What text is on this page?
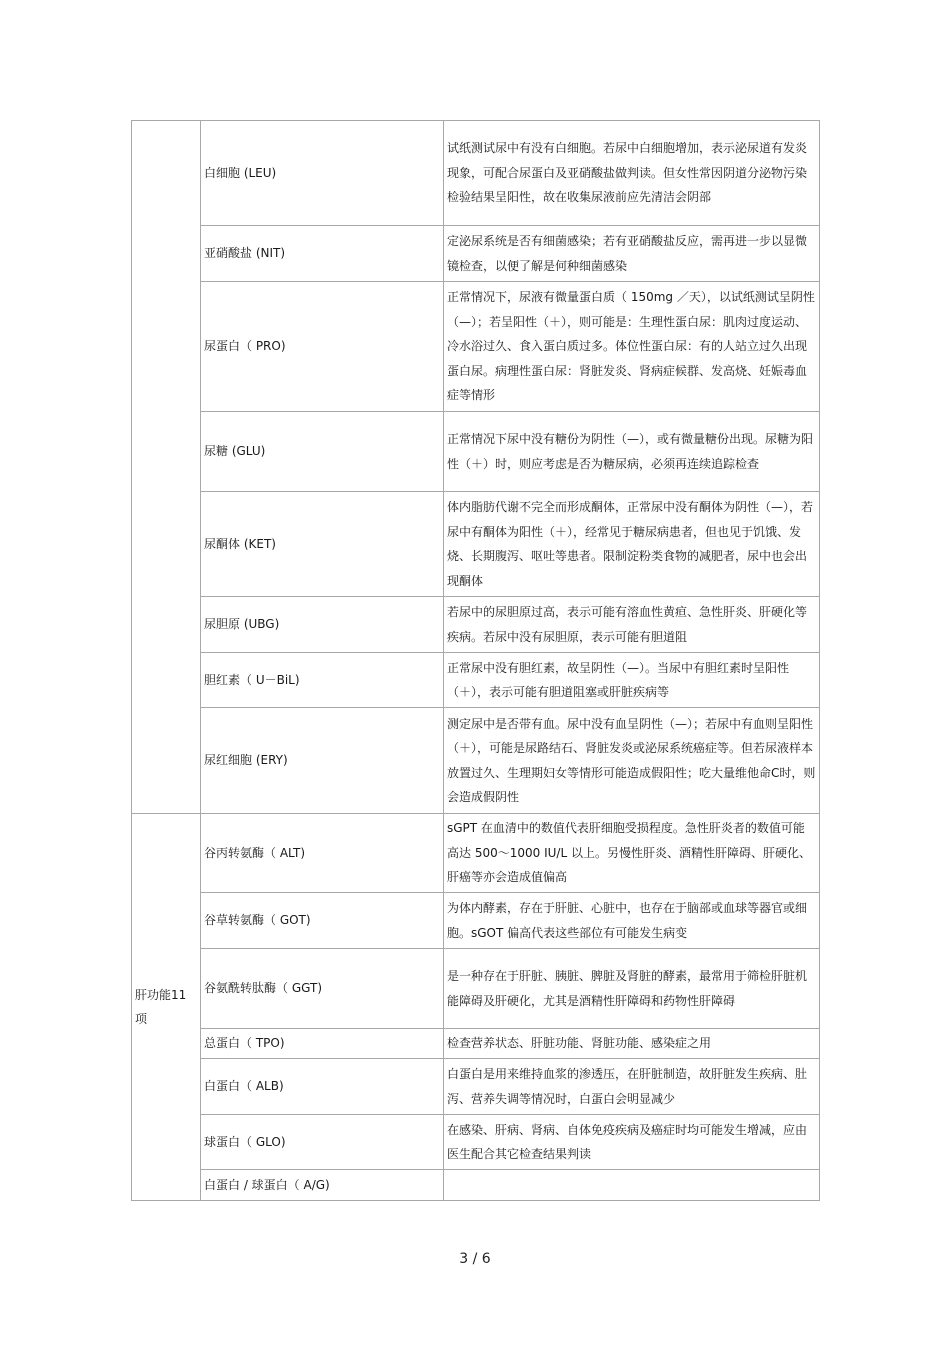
	白细胞 (LEU)	试纸测试尿中有没有白细胞。若尿中白细胞增加，表示泌尿道有发炎现象，可配合尿蛋白及亚硝酸盐做判读。但女性常因阴道分泌物污染检验结果呈阳性，故在收集尿液前应先清洁会阴部
	亚硝酸盐 (NIT)	定泌尿系统是否有细菌感染；若有亚硝酸盐反应，需再进一步以显微镜检查，以便了解是何种细菌感染
	尿蛋白（ PRO)	正常情况下，尿液有微量蛋白质（ 150mg ／天），以试纸测试呈阴性（—）；若呈阳性（＋），则可能是：生理性蛋白尿：肌肉过度运动、冷水浴过久、食入蛋白质过多。体位性蛋白尿：有的人站立过久出现蛋白尿。病理性蛋白尿：肾脏发炎、肾病症候群、发高烧、妊娠毒血症等情形
	尿糖 (GLU)	正常情况下尿中没有糖份为阴性（—），或有微量糖份出现。尿糖为阳性（＋）时，则应考虑是否为糖尿病，必须再连续追踪检查
	尿酮体 (KET)	体内脂肪代谢不完全而形成酮体，正常尿中没有酮体为阴性（—），若尿中有酮体为阳性（＋），经常见于糖尿病患者，但也见于饥饿、发烧、长期腹泻、呕吐等患者。限制淀粉类食物的减肥者，尿中也会出现酮体
	尿胆原 (UBG)	若尿中的尿胆原过高，表示可能有溶血性黄疸、急性肝炎、肝硬化等疾病。若尿中没有尿胆原，表示可能有胆道阻
	胆红素（ U－BiL)	正常尿中没有胆红素，故呈阴性（—）。当尿中有胆红素时呈阳性（＋），表示可能有胆道阻塞或肝脏疾病等
	尿红细胞 (ERY)	测定尿中是否带有血。尿中没有血呈阴性（—）；若尿中有血则呈阳性（＋），可能是尿路结石、肾脏发炎或泌尿系统癌症等。但若尿液样本放置过久、生理期妇女等情形可能造成假阳性；吃大量维他命C时，则会造成假阴性
肝功能11项	谷丙转氨酶（ ALT)	sGPT 在血清中的数值代表肝细胞受损程度。急性肝炎者的数值可能高达 500～1000 IU/L 以上。另慢性肝炎、酒精性肝障碍、肝硬化、肝癌等亦会造成值偏高
	谷草转氨酶（ GOT)	为体内酵素，存在于肝脏、心脏中，也存在于脑部或血球等器官或细胞。sGOT 偏高代表这些部位有可能发生病变
	谷氨酰转肽酶（ GGT)	是一种存在于肝脏、胰脏、脾脏及肾脏的酵素，最常用于筛检肝脏机能障碍及肝硬化，尤其是酒精性肝障碍和药物性肝障碍
	总蛋白（ TPO)	检查营养状态、肝脏功能、肾脏功能、感染症之用
	白蛋白（ ALB)	白蛋白是用来维持血浆的渗透压，在肝脏制造，故肝脏发生疾病、肚泻、营养失调等情况时，白蛋白会明显减少
	球蛋白（ GLO)	在感染、肝病、肾病、自体免疫疾病及癌症时均可能发生增减，应由医生配合其它检查结果判读
	白蛋白 / 球蛋白（ A/G)	
3 / 6
